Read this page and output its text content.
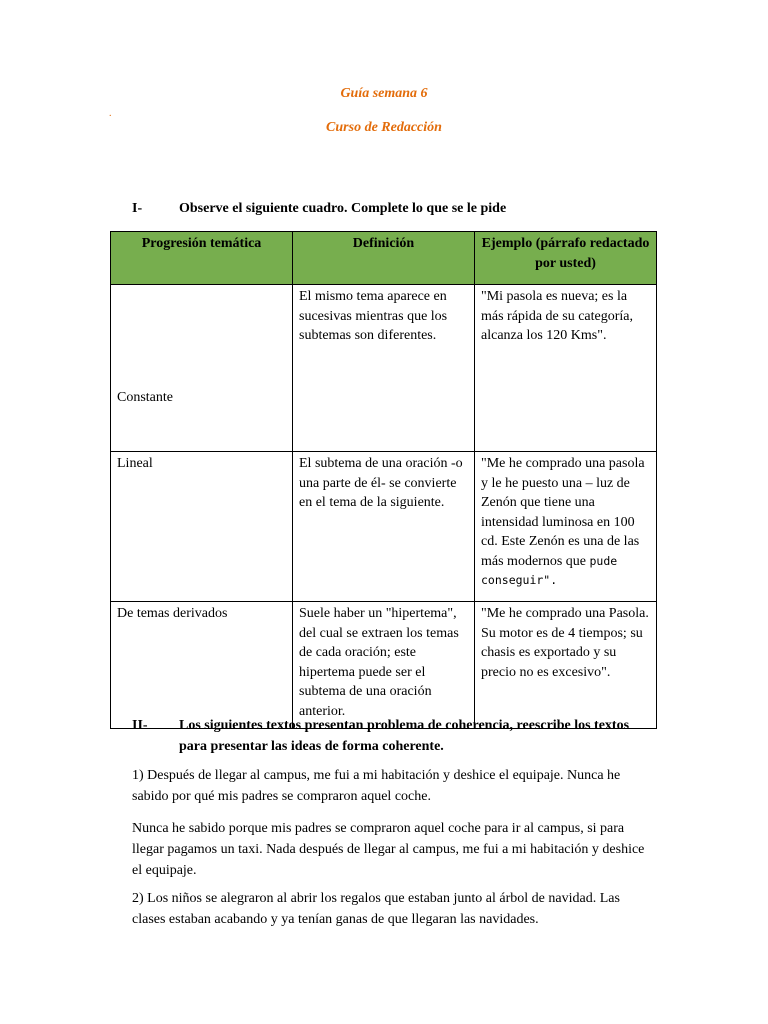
Guía semana 6
.
Curso de Redacción
I-	Observe el siguiente cuadro. Complete lo que se le pide
Progresión temática	Definición	Ejemplo (párrafo redactado por usted)
Constante	El mismo tema aparece en sucesivas mientras que los subtemas son diferentes.	"Mi pasola es nueva; es la más rápida de su categoría, alcanza los 120 Kms".
Lineal	El subtema de una oración -o una parte de él- se convierte en el tema de la siguiente.	"Me he comprado una pasola y le he puesto una – luz de Zenón que tiene una intensidad luminosa en 100 cd. Este Zenón es una de las más modernos que pude conseguir".
De temas derivados	Suele haber un "hipertema", del cual se extraen los temas de cada oración; este hipertema puede ser el subtema de una oración anterior.	"Me he comprado una Pasola. Su motor es de 4 tiempos; su chasis es exportado y su precio no es excesivo".
II- Los siguientes textos presentan problema de coherencia, reescribe los textos para presentar las ideas de forma coherente.
1) Después de llegar al campus, me fui a mi habitación y deshice el equipaje. Nunca he sabido por qué mis padres se compraron aquel coche.
Nunca he sabido porque mis padres se compraron aquel coche para ir al campus, si para llegar pagamos un taxi. Nada después de llegar al campus, me fui a mi habitación y deshice el equipaje.
2) Los niños se alegraron al abrir los regalos que estaban junto al árbol de navidad. Las clases estaban acabando y ya tenían ganas de que llegaran las navidades.
